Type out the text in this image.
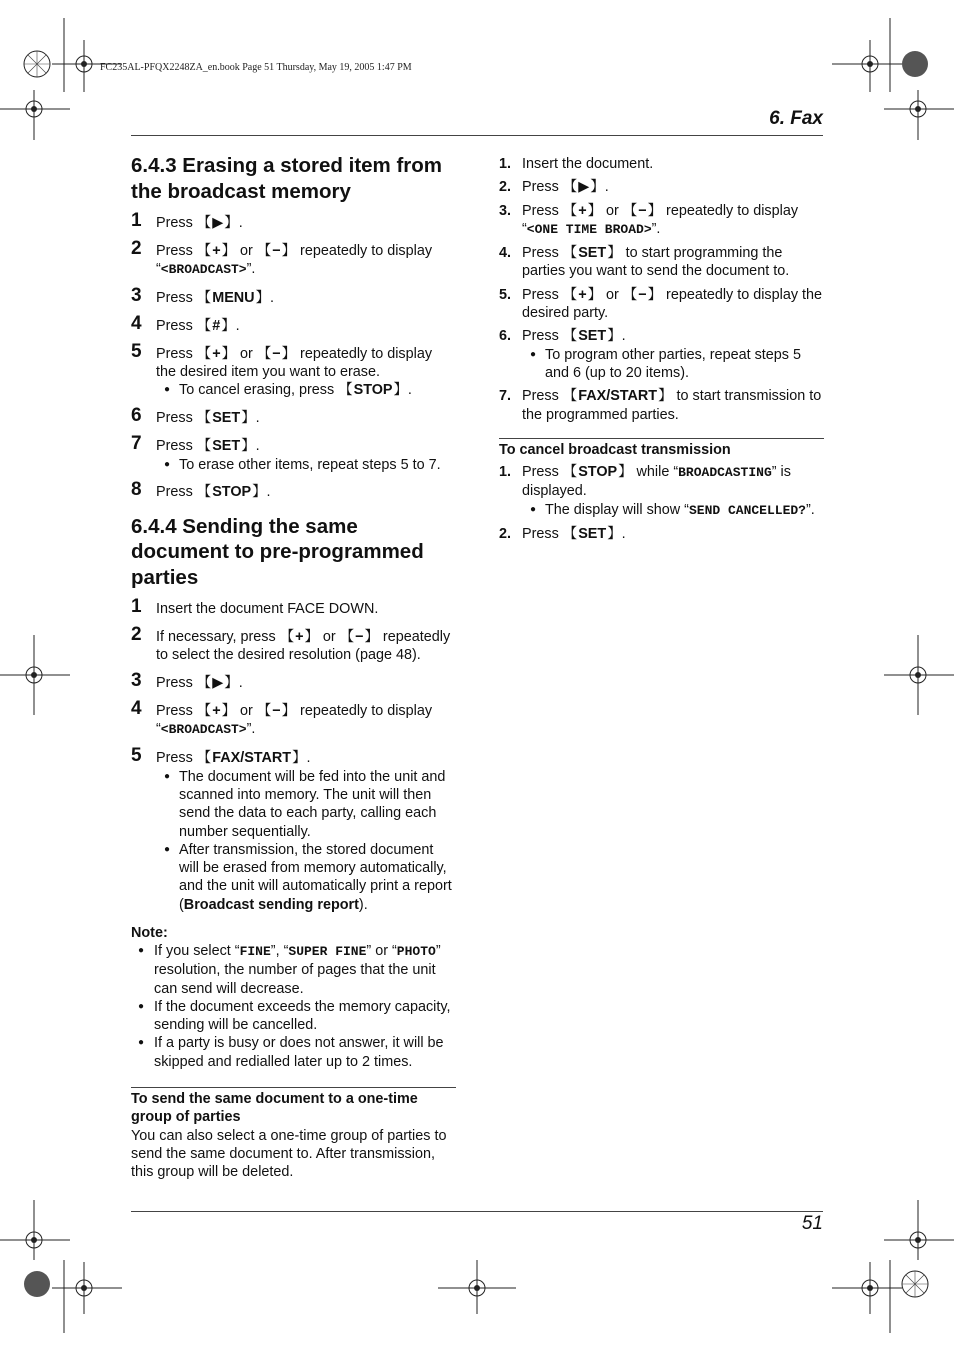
FC235AL-PFQX2248ZA_en.book Page 51 Thursday, May 19, 2005 1:47 PM
6. Fax
51
6.4.3 Erasing a stored item from the broadcast memory
1 Press 【 ▶ 】 .
2 Press 【 + 】 or 【 − 】 repeatedly to display “<BROADCAST>”.
3 Press 【 MENU 】 .
4 Press 【 # 】 .
5 Press 【 + 】 or 【 − 】 repeatedly to display the desired item you want to erase.
● To cancel erasing, press 【 STOP 】 .
6 Press 【 SET 】 .
7 Press 【 SET 】 .
● To erase other items, repeat steps 5 to 7.
8 Press 【 STOP 】 .
6.4.4 Sending the same document to pre-programmed parties
1 Insert the document FACE DOWN.
2 If necessary, press 【 + 】 or 【 − 】 repeatedly to select the desired resolution (page 48).
3 Press 【 ▶ 】 .
4 Press 【 + 】 or 【 − 】 repeatedly to display “<BROADCAST>”.
5 Press 【 FAX/START 】 .
● The document will be fed into the unit and scanned into memory. The unit will then send the data to each party, calling each number sequentially.
● After transmission, the stored document will be erased from memory automatically, and the unit will automatically print a report (Broadcast sending report).
Note:
● If you select “FINE”, “SUPER FINE” or “PHOTO” resolution, the number of pages that the unit can send will decrease.
● If the document exceeds the memory capacity, sending will be cancelled.
● If a party is busy or does not answer, it will be skipped and redialled later up to 2 times.
To send the same document to a one-time group of parties
You can also select a one-time group of parties to send the same document to. After transmission, this group will be deleted.
1. Insert the document.
2. Press 【 ▶ 】 .
3. Press 【 + 】 or 【 − 】 repeatedly to display “<ONE TIME BROAD>”.
4. Press 【 SET 】 to start programming the parties you want to send the document to.
5. Press 【 + 】 or 【 − 】 repeatedly to display the desired party.
6. Press 【 SET 】 .
● To program other parties, repeat steps 5 and 6 (up to 20 items).
7. Press 【 FAX/START 】 to start transmission to the programmed parties.
To cancel broadcast transmission
1. Press 【 STOP 】 while “BROADCASTING” is displayed.
● The display will show “SEND CANCELLED?”.
2. Press 【 SET 】 .
